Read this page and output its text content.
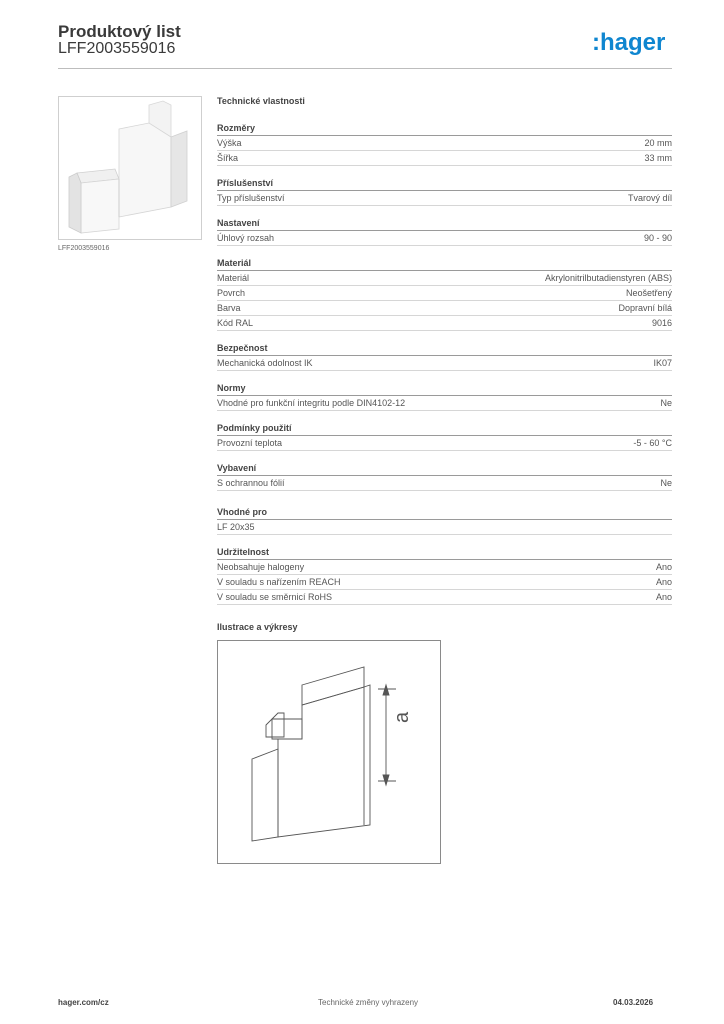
Produktový list
LFF2003559016	:hager
LFF2003559016
Technické vlastnosti
Rozměry
Výška	20 mm
Šířka	33 mm
Příslušenství
Typ příslušenství	Tvarový díl
Nastavení
Úhlový rozsah	90 - 90
Materiál
Materiál	Akrylonitrilbutadienstyren (ABS)
Povrch	Neošetřený
Barva	Dopravní bílá
Kód RAL	9016
Bezpečnost
Mechanická odolnost IK	IK07
Normy
Vhodné pro funkční integritu podle DIN4102-12	Ne
Podmínky použití
Provozní teplota	-5 - 60 °C
Vybavení
S ochrannou fólií	Ne
Vhodné pro
LF 20x35
Udržitelnost
Neobsahuje halogeny	Ano
V souladu s nařízením REACH	Ano
V souladu se směrnicí RoHS	Ano
Ilustrace a výkresy
a
hager.com/cz	Technické změny vyhrazeny	04.03.2026
